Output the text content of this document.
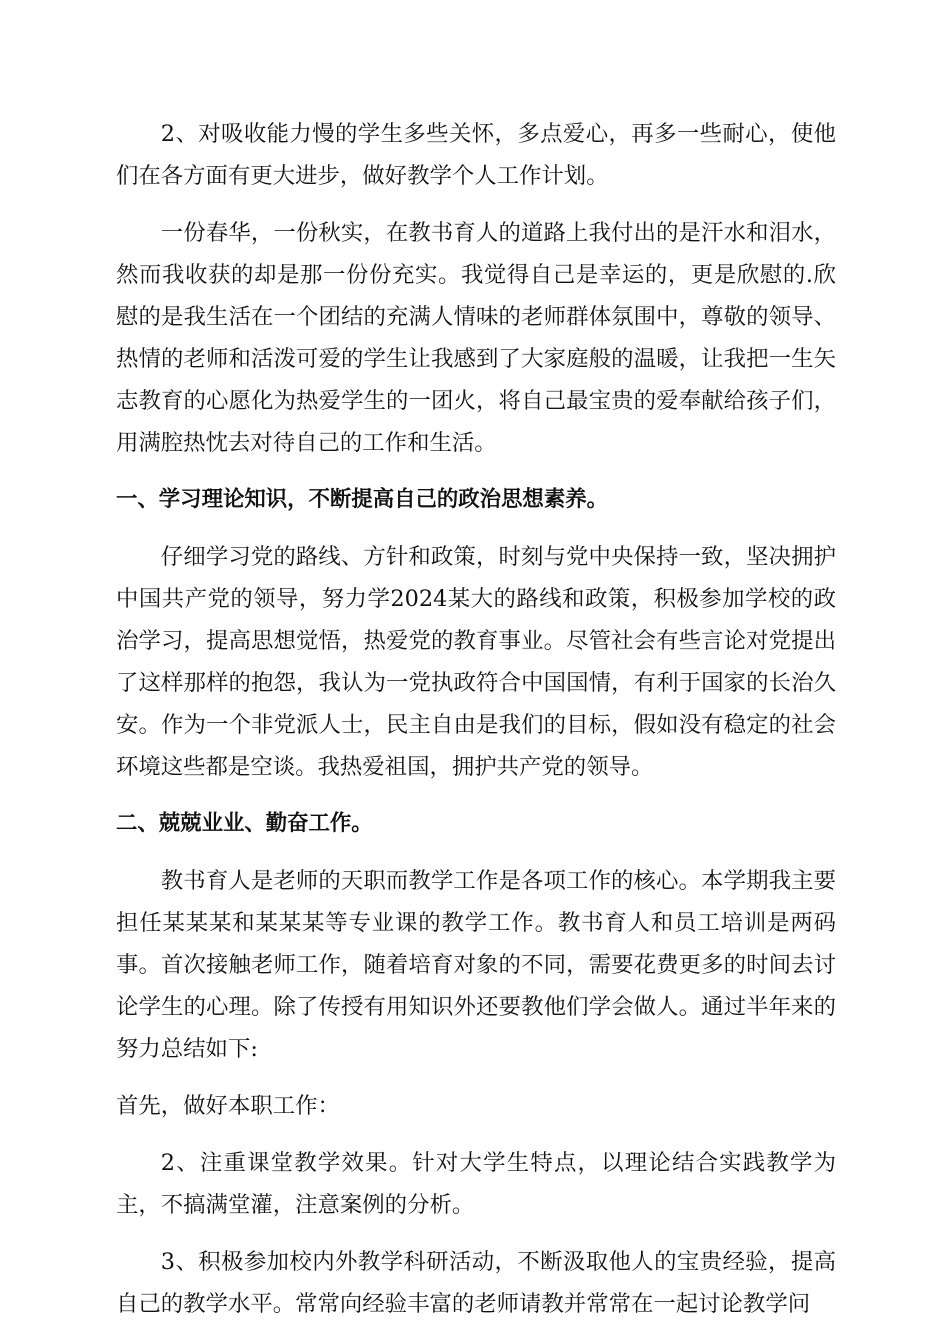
2、对吸收能力慢的学生多些关怀，多点爱心，再多一些耐心，使他们在各方面有更大进步，做好教学个人工作计划。

一份春华，一份秋实，在教书育人的道路上我付出的是汗水和泪水，然而我收获的却是那一份份充实。我觉得自己是幸运的，更是欣慰的.欣慰的是我生活在一个团结的充满人情味的老师群体氛围中，尊敬的领导、热情的老师和活泼可爱的学生让我感到了大家庭般的温暖，让我把一生矢志教育的心愿化为热爱学生的一团火，将自己最宝贵的爱奉献给孩子们，用满腔热忱去对待自己的工作和生活。

一、学习理论知识，不断提高自己的政治思想素养。

仔细学习党的路线、方针和政策，时刻与党中央保持一致，坚决拥护中国共产党的领导，努力学2024某大的路线和政策，积极参加学校的政治学习，提高思想觉悟，热爱党的教育事业。尽管社会有些言论对党提出了这样那样的抱怨，我认为一党执政符合中国国情，有利于国家的长治久安。作为一个非党派人士，民主自由是我们的目标，假如没有稳定的社会环境这些都是空谈。我热爱祖国，拥护共产党的领导。

二、兢兢业业、勤奋工作。

教书育人是老师的天职而教学工作是各项工作的核心。本学期我主要担任某某某和某某某等专业课的教学工作。教书育人和员工培训是两码事。首次接触老师工作，随着培育对象的不同，需要花费更多的时间去讨论学生的心理。除了传授有用知识外还要教他们学会做人。通过半年来的努力总结如下:

首先，做好本职工作：

2、注重课堂教学效果。针对大学生特点，以理论结合实践教学为主，不搞满堂灌，注意案例的分析。

3、积极参加校内外教学科研活动，不断汲取他人的宝贵经验，提高自己的教学水平。常常向经验丰富的老师请教并常常在一起讨论教学问
